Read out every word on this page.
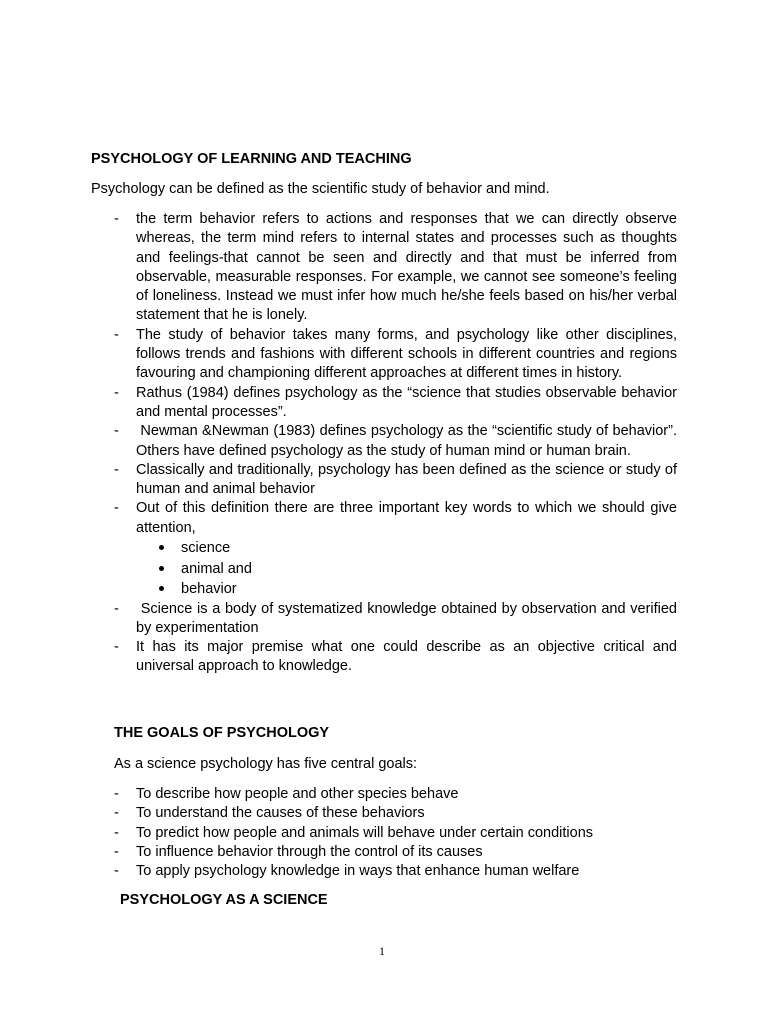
PSYCHOLOGY OF LEARNING AND TEACHING

Psychology can be defined as the scientific study of behavior and mind.

- the term behavior refers to actions and responses that we can directly observe whereas, the term mind refers to internal states and processes such as thoughts and feelings-that cannot be seen and directly and that must be inferred from observable, measurable responses. For example, we cannot see someone’s feeling of loneliness. Instead we must infer how much he/she feels based on his/her verbal statement that he is lonely.
- The study of behavior takes many forms, and psychology like other disciplines, follows trends and fashions with different schools in different countries and regions favouring and championing different approaches at different times in history.
- Rathus (1984) defines psychology as the “science that studies observable behavior and mental processes”.
- Newman &Newman (1983) defines psychology as the “scientific study of behavior”. Others have defined psychology as the study of human mind or human brain.
- Classically and traditionally, psychology has been defined as the science or study of human and animal behavior
- Out of this definition there are three important key words to which we should give attention,
science
animal and
behavior
- Science is a body of systematized knowledge obtained by observation and verified by experimentation
- It has its major premise what one could describe as an objective critical and universal approach to knowledge.

THE GOALS OF PSYCHOLOGY

As a science psychology has five central goals:

- To describe how people and other species behave
- To understand the causes of these behaviors
- To predict how people and animals will behave under certain conditions
- To influence behavior through the control of its causes
- To apply psychology knowledge in ways that enhance human welfare

PSYCHOLOGY AS A SCIENCE

1
